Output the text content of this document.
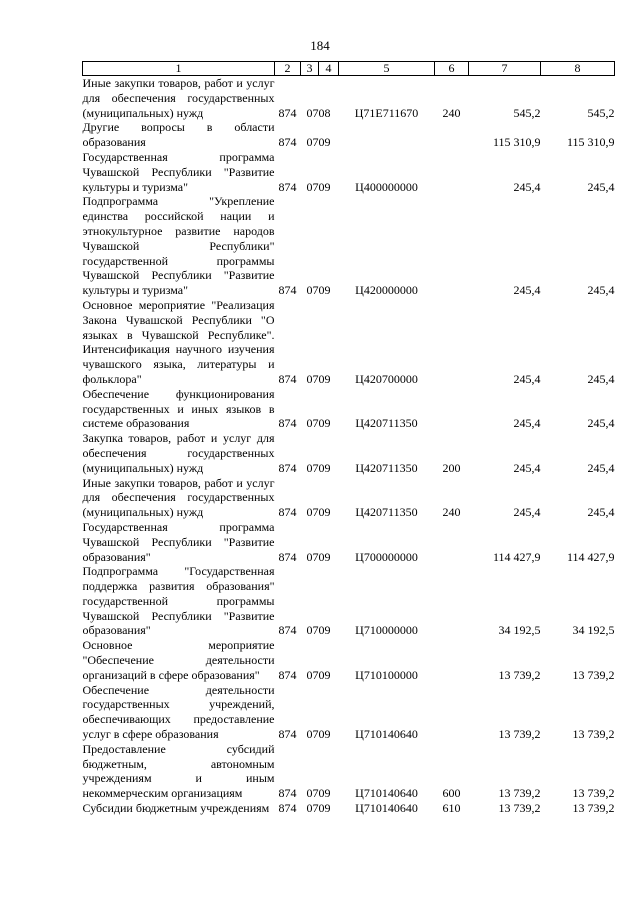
184
1	2	3	4	5	6	7	8
Иные закупки товаров, работ и услуг для обеспечения государственных (муниципальных) нужд	874	07	08	Ц71Е711670	240	545,2	545,2
Другие вопросы в области образования	874	07	09			115 310,9	115 310,9
Государственная программа Чувашской Республики "Развитие культуры и туризма"	874	07	09	Ц400000000		245,4	245,4
Подпрограмма "Укрепление единства российской нации и этнокультурное развитие народов Чувашской Республики" государственной программы Чувашской Республики "Развитие культуры и туризма"	874	07	09	Ц420000000		245,4	245,4
Основное мероприятие "Реализация Закона Чувашской Республики "О языках в Чувашской Республике". Интенсификация научного изучения чувашского языка, литературы и фольклора"	874	07	09	Ц420700000		245,4	245,4
Обеспечение функционирования государственных и иных языков в системе образования	874	07	09	Ц420711350		245,4	245,4
Закупка товаров, работ и услуг для обеспечения государственных (муниципальных) нужд	874	07	09	Ц420711350	200	245,4	245,4
Иные закупки товаров, работ и услуг для обеспечения государственных (муниципальных) нужд	874	07	09	Ц420711350	240	245,4	245,4
Государственная программа Чувашской Республики "Развитие образования"	874	07	09	Ц700000000		114 427,9	114 427,9
Подпрограмма "Государственная поддержка развития образования" государственной программы Чувашской Республики "Развитие образования"	874	07	09	Ц710000000		34 192,5	34 192,5
Основное мероприятие "Обеспечение деятельности организаций в сфере образования"	874	07	09	Ц710100000		13 739,2	13 739,2
Обеспечение деятельности государственных учреждений, обеспечивающих предоставление услуг в сфере образования	874	07	09	Ц710140640		13 739,2	13 739,2
Предоставление субсидий бюджетным, автономным учреждениям и иным некоммерческим организациям	874	07	09	Ц710140640	600	13 739,2	13 739,2
Субсидии бюджетным учреждениям	874	07	09	Ц710140640	610	13 739,2	13 739,2
